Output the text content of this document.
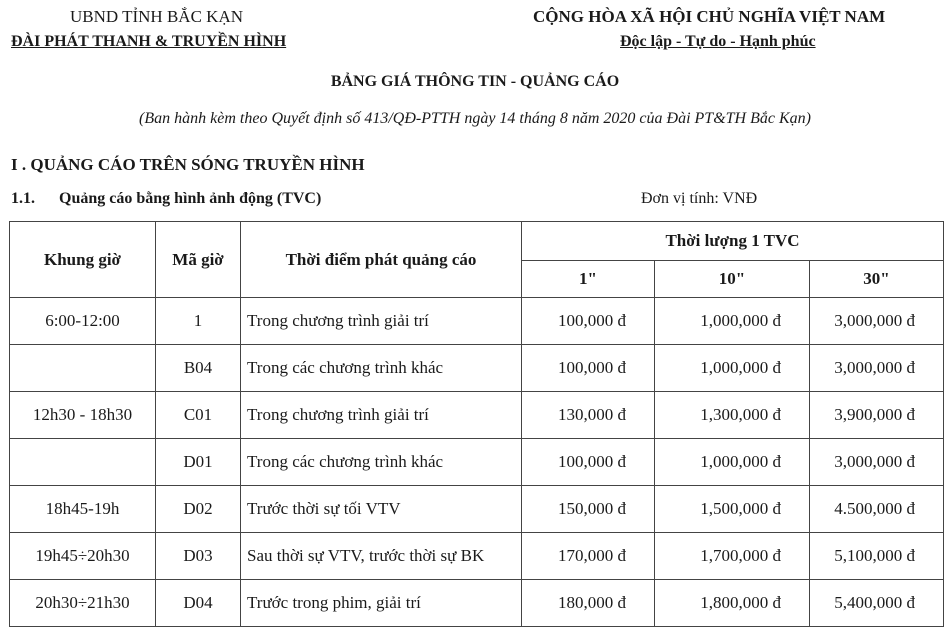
UBND TỈNH BẮC KẠN
ĐÀI PHÁT THANH & TRUYỀN HÌNH
CỘNG HÒA XÃ HỘI CHỦ NGHĨA VIỆT NAM
Độc lập - Tự do - Hạnh phúc
BẢNG GIÁ THÔNG TIN - QUẢNG CÁO
(Ban hành kèm theo Quyết định số 413/QĐ-PTTH ngày 14 tháng 8 năm 2020 của Đài PT&TH Bắc Kạn)
I . QUẢNG CÁO TRÊN SÓNG TRUYỀN HÌNH
1.1. Quảng cáo bằng hình ảnh động (TVC)	Đơn vị tính: VNĐ
Khung giờ	Mã giờ	Thời điểm phát quảng cáo	Thời lượng 1 TVC		
			1"	10"	30"
6:00-12:00	1	Trong chương trình giải trí	100,000 đ	1,000,000 đ	3,000,000 đ
	B04	Trong các chương trình khác	100,000 đ	1,000,000 đ	3,000,000 đ
12h30 - 18h30	C01	Trong chương trình giải trí	130,000 đ	1,300,000 đ	3,900,000 đ
	D01	Trong các chương trình khác	100,000 đ	1,000,000 đ	3,000,000 đ
18h45-19h	D02	Trước thời sự tối VTV	150,000 đ	1,500,000 đ	4.500,000 đ
19h45÷20h30	D03	Sau thời sự VTV, trước thời sự BK	170,000 đ	1,700,000 đ	5,100,000 đ
20h30÷21h30	D04	Trước trong phim, giải trí	180,000 đ	1,800,000 đ	5,400,000 đ
